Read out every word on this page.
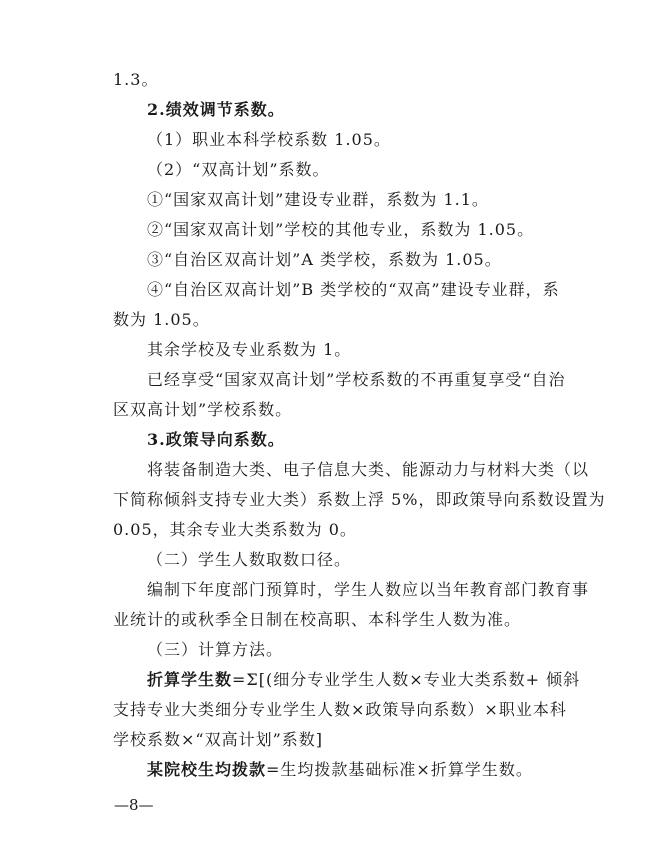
1.3。
2.绩效调节系数。
（1）职业本科学校系数 1.05。
（2）“双高计划”系数。
①“国家双高计划”建设专业群，系数为 1.1。
②“国家双高计划”学校的其他专业，系数为 1.05。
③“自治区双高计划”A 类学校，系数为 1.05。
④“自治区双高计划”B 类学校的“双高”建设专业群，系
数为 1.05。
其余学校及专业系数为 1。
已经享受“国家双高计划”学校系数的不再重复享受“自治
区双高计划”学校系数。
3.政策导向系数。
将装备制造大类、电子信息大类、能源动力与材料大类（以
下简称倾斜支持专业大类）系数上浮 5%，即政策导向系数设置为
0.05，其余专业大类系数为 0。
（二）学生人数取数口径。
编制下年度部门预算时，学生人数应以当年教育部门教育事
业统计的或秋季全日制在校高职、本科学生人数为准。
（三）计算方法。
折算学生数=Σ[(细分专业学生人数×专业大类系数+ 倾斜
支持专业大类细分专业学生人数×政策导向系数）×职业本科
学校系数×“双高计划”系数]
某院校生均拨款=生均拨款基础标准×折算学生数。
—8—
